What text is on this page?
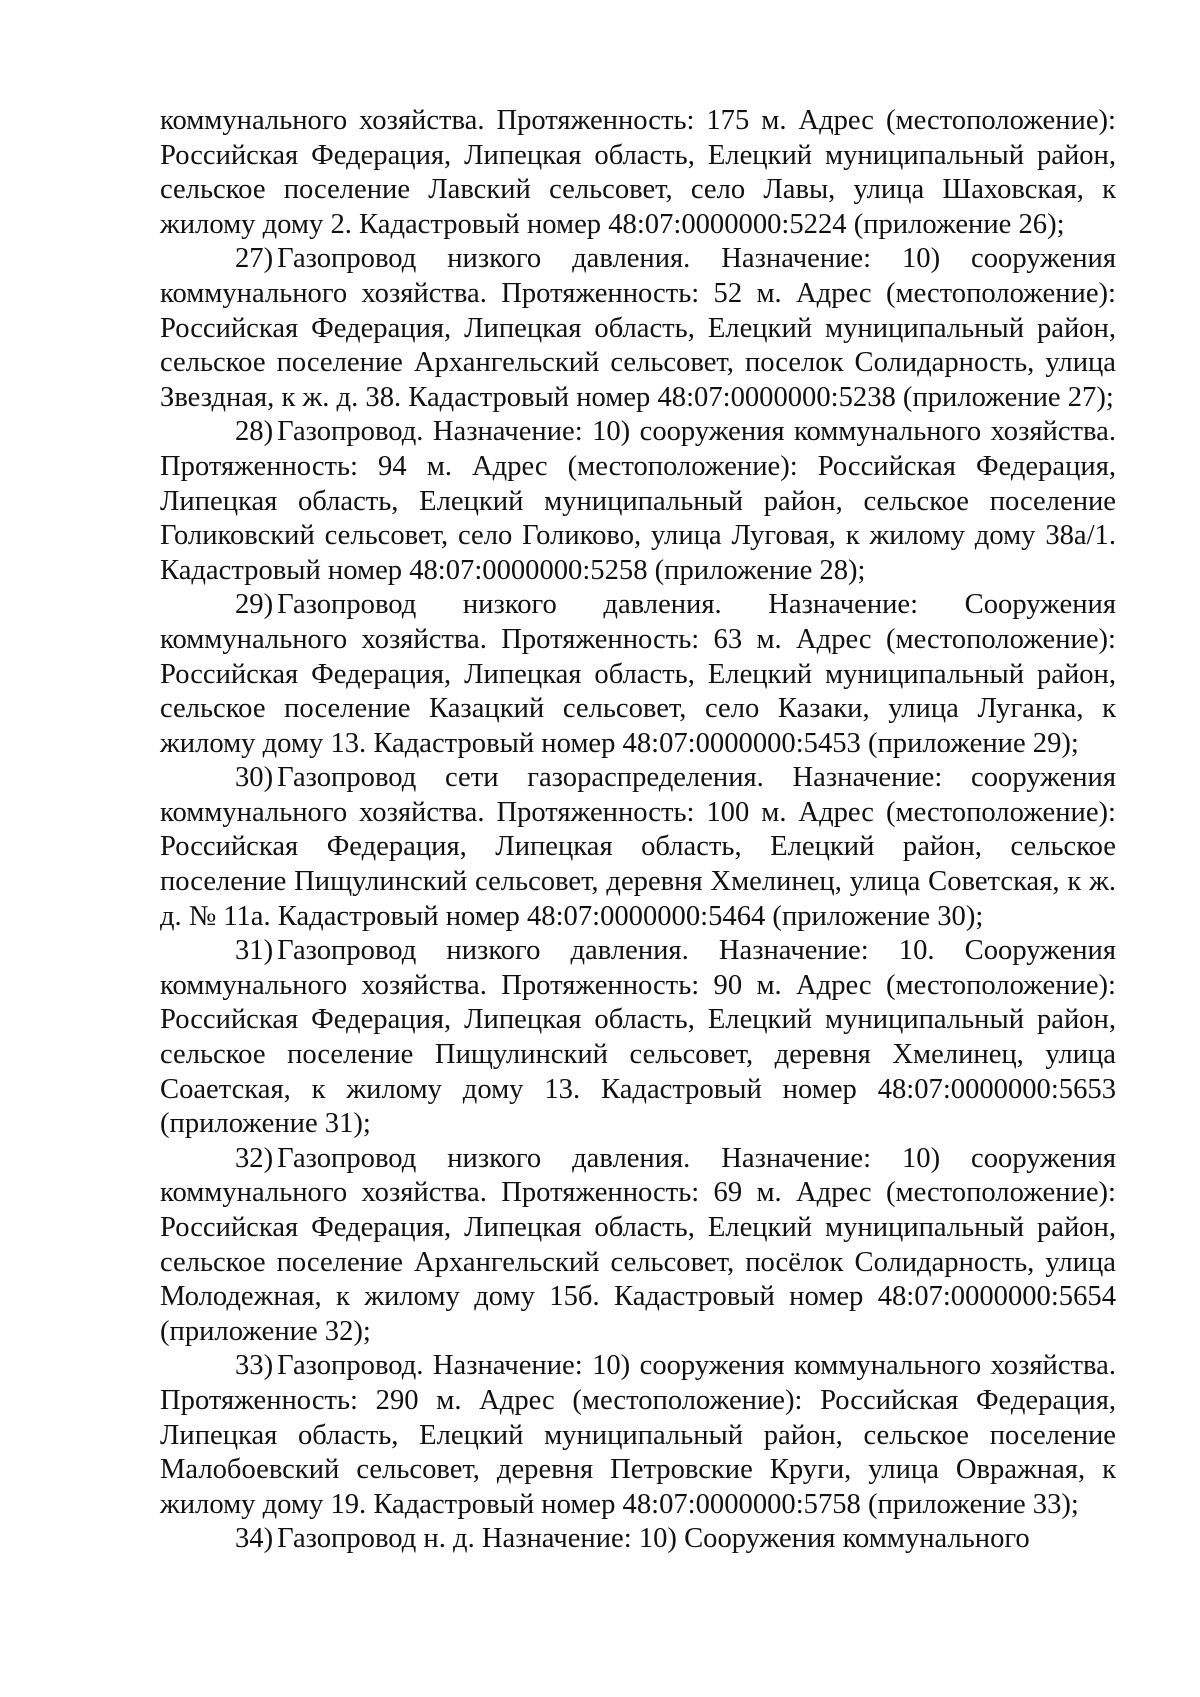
коммунального хозяйства. Протяженность: 175 м. Адрес (местоположение): Российская Федерация, Липецкая область, Елецкий муниципальный район, сельское поселение Лавский сельсовет, село Лавы, улица Шаховская, к жилому дому 2. Кадастровый номер 48:07:0000000:5224 (приложение 26);

27) Газопровод низкого давления. Назначение: 10) сооружения коммунального хозяйства. Протяженность: 52 м. Адрес (местоположение): Российская Федерация, Липецкая область, Елецкий муниципальный район, сельское поселение Архангельский сельсовет, поселок Солидарность, улица Звездная, к ж. д. 38. Кадастровый номер 48:07:0000000:5238 (приложение 27);

28) Газопровод. Назначение: 10) сооружения коммунального хозяйства. Протяженность: 94 м. Адрес (местоположение): Российская Федерация, Липецкая область, Елецкий муниципальный район, сельское поселение Голиковский сельсовет, село Голиково, улица Луговая, к жилому дому 38а/1. Кадастровый номер 48:07:0000000:5258 (приложение 28);

29) Газопровод низкого давления. Назначение: Сооружения коммунального хозяйства. Протяженность: 63 м. Адрес (местоположение): Российская Федерация, Липецкая область, Елецкий муниципальный район, сельское поселение Казацкий сельсовет, село Казаки, улица Луганка, к жилому дому 13. Кадастровый номер 48:07:0000000:5453 (приложение 29);

30) Газопровод сети газораспределения. Назначение: сооружения коммунального хозяйства. Протяженность: 100 м. Адрес (местоположение): Российская Федерация, Липецкая область, Елецкий район, сельское поселение Пищулинский сельсовет, деревня Хмелинец, улица Советская, к ж. д. № 11а. Кадастровый номер 48:07:0000000:5464 (приложение 30);

31) Газопровод низкого давления. Назначение: 10. Сооружения коммунального хозяйства. Протяженность: 90 м. Адрес (местоположение): Российская Федерация, Липецкая область, Елецкий муниципальный район, сельское поселение Пищулинский сельсовет, деревня Хмелинец, улица Соаетская, к жилому дому 13. Кадастровый номер 48:07:0000000:5653 (приложение 31);

32) Газопровод низкого давления. Назначение: 10) сооружения коммунального хозяйства. Протяженность: 69 м. Адрес (местоположение): Российская Федерация, Липецкая область, Елецкий муниципальный район, сельское поселение Архангельский сельсовет, посёлок Солидарность, улица Молодежная, к жилому дому 15б. Кадастровый номер 48:07:0000000:5654 (приложение 32);

33) Газопровод. Назначение: 10) сооружения коммунального хозяйства. Протяженность: 290 м. Адрес (местоположение): Российская Федерация, Липецкая область, Елецкий муниципальный район, сельское поселение Малобоевский сельсовет, деревня Петровские Круги, улица Овражная, к жилому дому 19. Кадастровый номер 48:07:0000000:5758 (приложение 33);

34) Газопровод н. д. Назначение: 10) Сооружения коммунального
